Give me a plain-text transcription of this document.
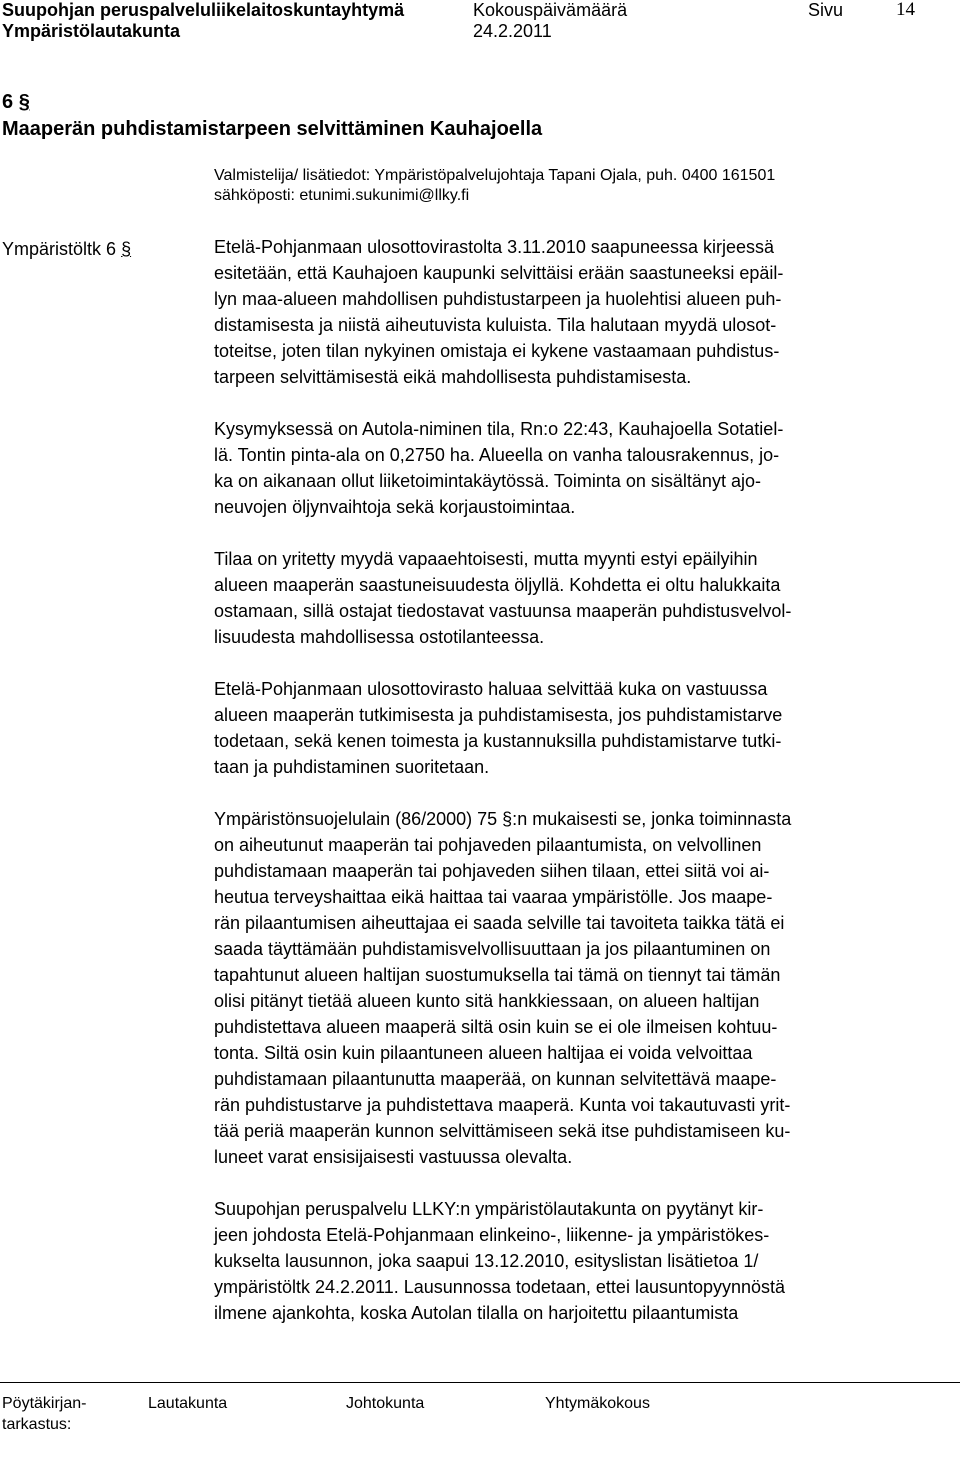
Suupohjan peruspalveluliikelaitoskuntayhtymä
Ympäristölautakunta
Kokouspäivämäärä
24.2.2011
Sivu	14
6 §
Maaperän puhdistamistarpeen selvittäminen Kauhajoella
Valmistelija/ lisätiedot: Ympäristöpalvelujohtaja Tapani Ojala, puh. 0400 161501
sähköposti: etunimi.sukunimi@llky.fi
Ympäristöltk 6 §	Etelä-Pohjanmaan ulosottovirastolta 3.11.2010 saapuneessa kirjeessä
esitetään, että Kauhajoen kaupunki selvittäisi erään saastuneeksi epäil-
lyn maa-alueen mahdollisen puhdistustarpeen ja huolehtisi alueen puh-
distamisesta ja niistä aiheutuvista kuluista. Tila halutaan myydä ulosot-
toteitse, joten tilan nykyinen omistaja ei kykene vastaamaan puhdistus-
tarpeen selvittämisestä eikä mahdollisesta puhdistamisesta.

Kysymyksessä on Autola-niminen tila, Rn:o 22:43, Kauhajoella Sotatiel-
lä. Tontin pinta-ala on 0,2750 ha. Alueella on vanha talousrakennus, jo-
ka on aikanaan ollut liiketoimintakäytössä. Toiminta on sisältänyt ajo-
neuvojen öljynvaihtoja sekä korjaustoimintaa.

Tilaa on yritetty myydä vapaaehtoisesti, mutta myynti estyi epäilyihin
alueen maaperän saastuneisuudesta öljyllä. Kohdetta ei oltu halukkaita
ostamaan, sillä ostajat tiedostavat vastuunsa maaperän puhdistusvelvol-
lisuudesta mahdollisessa ostotilanteessa.

Etelä-Pohjanmaan ulosottovirasto haluaa selvittää kuka on vastuussa
alueen maaperän tutkimisesta ja puhdistamisesta, jos puhdistamistarve
todetaan, sekä kenen toimesta ja kustannuksilla puhdistamistarve tutki-
taan ja puhdistaminen suoritetaan.

Ympäristönsuojelulain (86/2000) 75 §:n mukaisesti se, jonka toiminnasta
on aiheutunut maaperän tai pohjaveden pilaantumista, on velvollinen
puhdistamaan maaperän tai pohjaveden siihen tilaan, ettei siitä voi ai-
heutua terveyshaittaa eikä haittaa tai vaaraa ympäristölle. Jos maape-
rän pilaantumisen aiheuttajaa ei saada selville tai tavoiteta taikka tätä ei
saada täyttämään puhdistamisvelvollisuuttaan ja jos pilaantuminen on
tapahtunut alueen haltijan suostumuksella tai tämä on tiennyt tai tämän
olisi pitänyt tietää alueen kunto sitä hankkiessaan, on alueen haltijan
puhdistettava alueen maaperä siltä osin kuin se ei ole ilmeisen kohtuu-
tonta. Siltä osin kuin pilaantuneen alueen haltijaa ei voida velvoittaa
puhdistamaan pilaantunutta maaperää, on kunnan selvitettävä maape-
rän puhdistustarve ja puhdistettava maaperä. Kunta voi takautuvasti yrit-
tää periä maaperän kunnon selvittämiseen sekä itse puhdistamiseen ku-
luneet varat ensisijaisesti vastuussa olevalta.

Suupohjan peruspalvelu LLKY:n ympäristölautakunta on pyytänyt kir-
jeen johdosta Etelä-Pohjanmaan elinkeino-, liikenne- ja ympäristökes-
kukselta lausunnon, joka saapui 13.12.2010, esityslistan lisätietoa 1/
ympäristöltk 24.2.2011. Lausunnossa todetaan, ettei lausuntopyynnöstä
ilmene ajankohta, koska Autolan tilalla on harjoitettu pilaantumista

Pöytäkirjan-
tarkastus:
Lautakunta	Johtokunta	Yhtymäkokous
